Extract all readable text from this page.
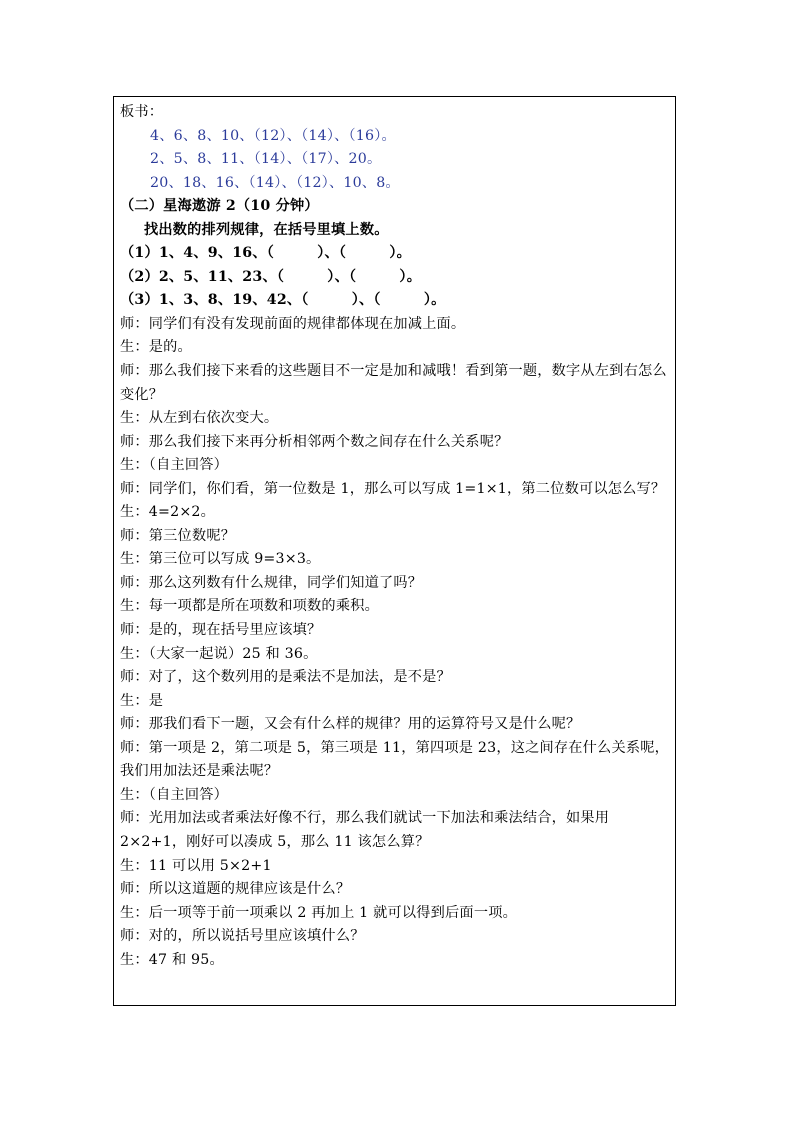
板书：
4、6、8、10、（12）、（14）、（16）。
2、5、8、11、（14）、（17）、20。
20、18、16、（14）、（12）、10、8。
（二）星海遨游 2（10 分钟）
找出数的排列规律，在括号里填上数。
（1）1、4、9、16、（　　　）、（　　　）。
（2）2、5、11、23、（　　　）、（　　　）。
（3）1、3、8、19、42、（　　　）、（　　　）。
师：同学们有没有发现前面的规律都体现在加减上面。
生：是的。
师：那么我们接下来看的这些题目不一定是加和减哦！看到第一题，数字从左到右怎么变化？
生：从左到右依次变大。
师：那么我们接下来再分析相邻两个数之间存在什么关系呢？
生：（自主回答）
师：同学们，你们看，第一位数是 1，那么可以写成 1=1×1，第二位数可以怎么写？
生：4=2×2。
师：第三位数呢？
生：第三位可以写成 9=3×3。
师：那么这列数有什么规律，同学们知道了吗？
生：每一项都是所在项数和项数的乘积。
师：是的，现在括号里应该填？
生：（大家一起说）25 和 36。
师：对了，这个数列用的是乘法不是加法，是不是？
生：是
师：那我们看下一题，又会有什么样的规律？用的运算符号又是什么呢？
师：第一项是 2，第二项是 5，第三项是 11，第四项是 23，这之间存在什么关系呢，我们用加法还是乘法呢？
生：（自主回答）
师：光用加法或者乘法好像不行，那么我们就试一下加法和乘法结合，如果用 2×2+1，刚好可以凑成 5，那么 11 该怎么算？
生：11 可以用 5×2+1
师：所以这道题的规律应该是什么？
生：后一项等于前一项乘以 2 再加上 1 就可以得到后面一项。
师：对的，所以说括号里应该填什么？
生：47 和 95。
